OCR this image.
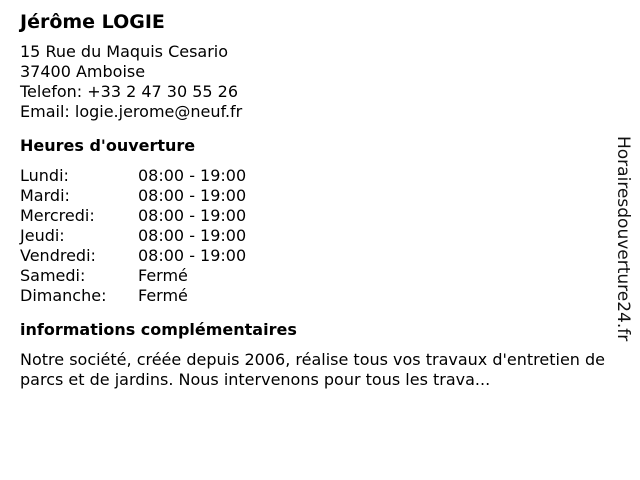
Jérôme LOGIE
15 Rue du Maquis Cesario
37400 Amboise
Telefon: +33 2 47 30 55 26
Email: logie.jerome@neuf.fr
Heures d'ouverture
Lundi:	08:00 - 19:00
Mardi:	08:00 - 19:00
Mercredi:	08:00 - 19:00
Jeudi:	08:00 - 19:00
Vendredi:	08:00 - 19:00
Samedi:	Fermé
Dimanche:	Fermé
informations complémentaires
Notre société, créée depuis 2006, réalise tous vos travaux d'entretien de parcs et de jardins. Nous intervenons pour tous les trava...
Horairesdouverture24.fr
